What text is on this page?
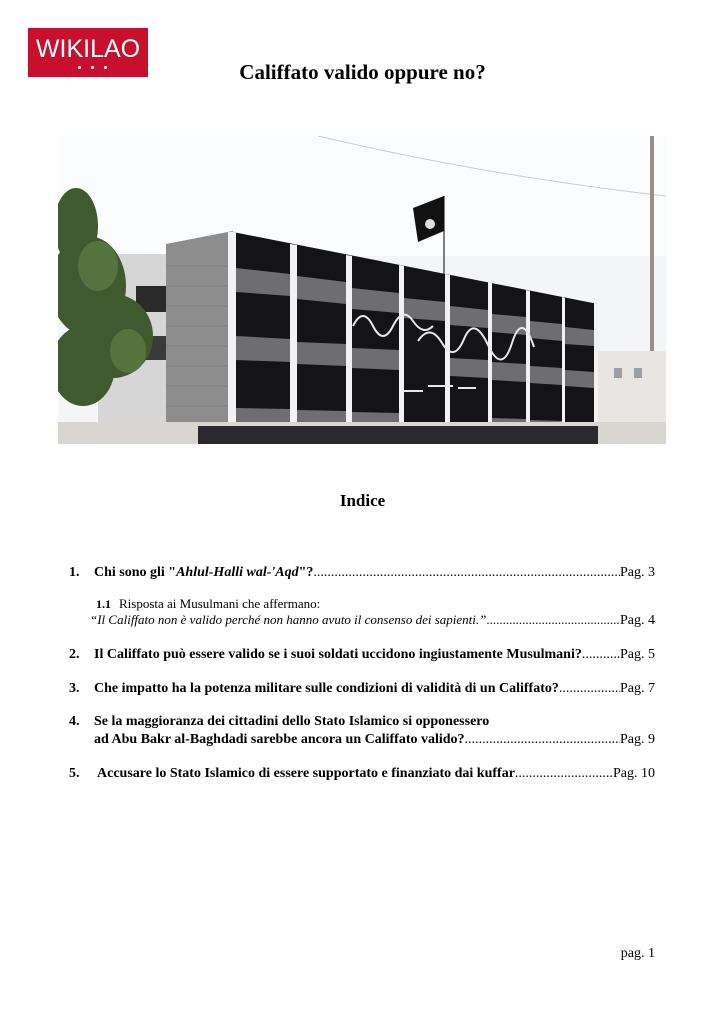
WIKILAO
Califfato valido oppure no?
Indice
1.	Chi sono gli "Ahlul-Halli wal-'Aqd"? .....	Pag. 3
1.1 Risposta ai Musulmani che affermano:
“Il Califfato non è valido perché non hanno avuto il consenso dei sapienti.” .....	Pag. 4
2.	Il Califfato può essere valido se i suoi soldati uccidono ingiustamente Musulmani? .....	Pag. 5
3.	Che impatto ha la potenza militare sulle condizioni di validità di un Califfato? .....	Pag. 7
4.	Se la maggioranza dei cittadini dello Stato Islamico si opponessero
ad Abu Bakr al-Baghdadi sarebbe ancora un Califfato valido? .....	Pag. 9
5.	Accusare lo Stato Islamico di essere supportato e finanziato dai kuffar .....	Pag. 10
pag. 1
